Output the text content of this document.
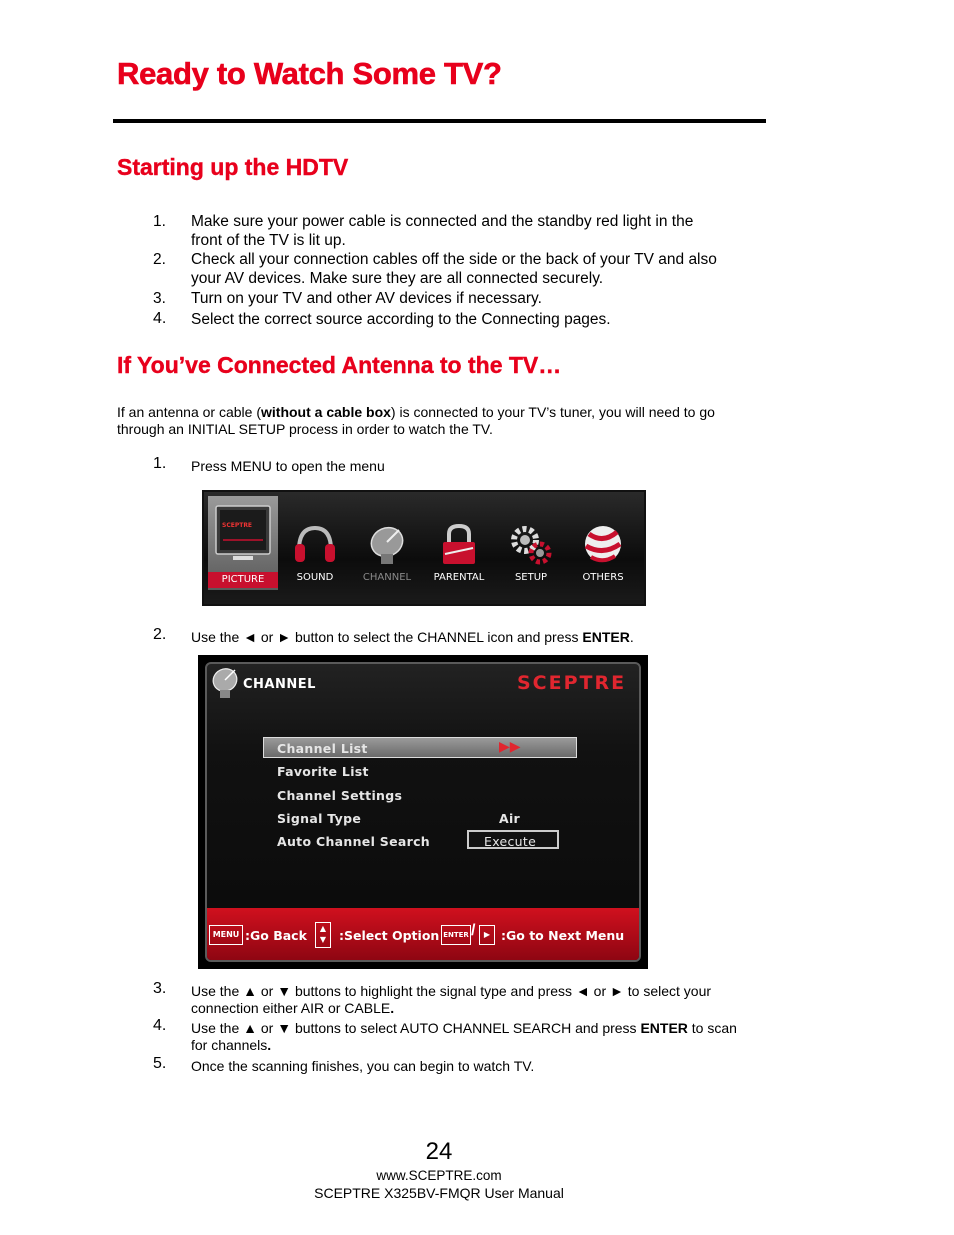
Ready to Watch Some TV?
Starting up the HDTV
1.	Make sure your power cable is connected and the standby red light in the
front of the TV is lit up.
2.	Check all your connection cables off the side or the back of your TV and also
your AV devices. Make sure they are all connected securely.
3.	Turn on your TV and other AV devices if necessary.
4.	Select the correct source according to the Connecting pages.
If You’ve Connected Antenna to the TV…
If an antenna or cable (without a cable box) is connected to your TV’s tuner, you will need to go
through an INITIAL SETUP process in order to watch the TV.
1. Press MENU to open the menu
SCEPTRE
PICTURE	SOUND	CHANNEL	PARENTAL	SETUP	OTHERS
2. Use the ◄ or ► button to select the CHANNEL icon and press ENTER.
CHANNEL	SCEPTRE
Channel List	▶▶
Favorite List
Channel Settings
Signal Type	Air
Auto Channel Search	Execute
MENU :Go Back	▲
▼	:Select Option ENTER /	▶ :Go to Next Menu
3. Use the ▲ or ▼ buttons to highlight the signal type and press ◄ or ► to select your
connection either AIR or CABLE.
4. Use the ▲ or ▼ buttons to select AUTO CHANNEL SEARCH and press ENTER to scan
for channels.
5. Once the scanning finishes, you can begin to watch TV.
24
www.SCEPTRE.com
SCEPTRE X325BV-FMQR User Manual
